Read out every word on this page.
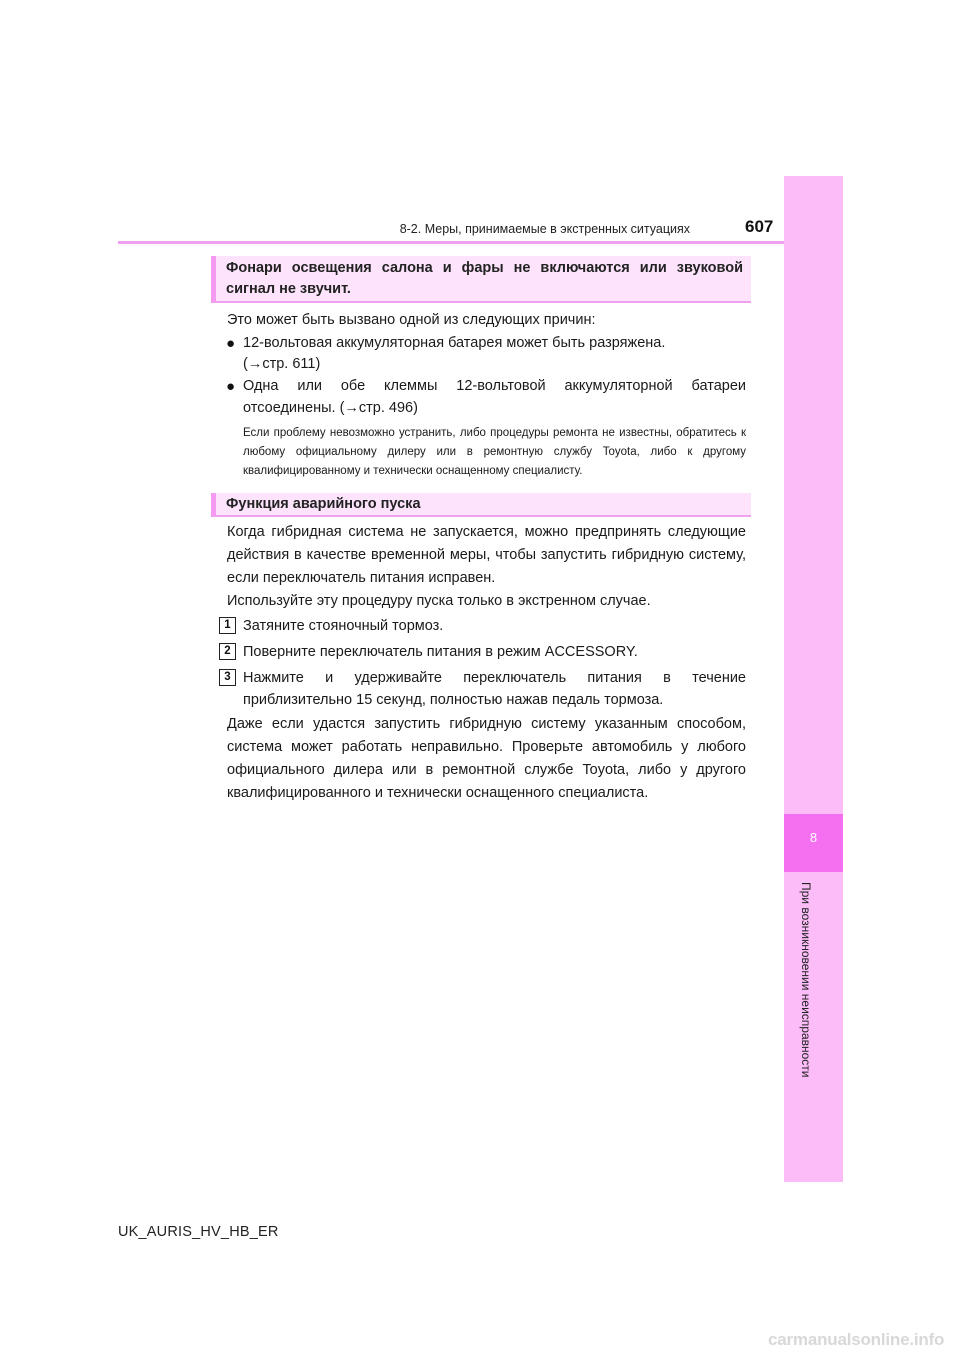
8-2. Меры, принимаемые в экстренных ситуациях	607
8
При возникновении неисправности
Фонари освещения салона и фары не включаются или звуковой сигнал не звучит.
Это может быть вызвано одной из следующих причин:
● 12-вольтовая аккумуляторная батарея может быть разряжена.
(→стр. 611)
● Одна или обе клеммы 12-вольтовой аккумуляторной батареи
отсоединены. (→стр. 496)
Если проблему невозможно устранить, либо процедуры ремонта не известны, обратитесь к любому официальному дилеру или в ремонтную службу Toyota, либо к другому квалифицированному и технически оснащенному специалисту.
Функция аварийного пуска
Когда гибридная система не запускается, можно предпринять следующие действия в качестве временной меры, чтобы запустить гибридную систему, если переключатель питания исправен.
Используйте эту процедуру пуска только в экстренном случае.
1 Затяните стояночный тормоз.
2 Поверните переключатель питания в режим ACCESSORY.
3 Нажмите и удерживайте переключатель питания в течение
приблизительно 15 секунд, полностью нажав педаль тормоза.
Даже если удастся запустить гибридную систему указанным способом, система может работать неправильно. Проверьте автомобиль у любого официального дилера или в ремонтной службе Toyota, либо у другого квалифицированного и технически оснащенного специалиста.
UK_AURIS_HV_HB_ER
carmanualsonline.info
